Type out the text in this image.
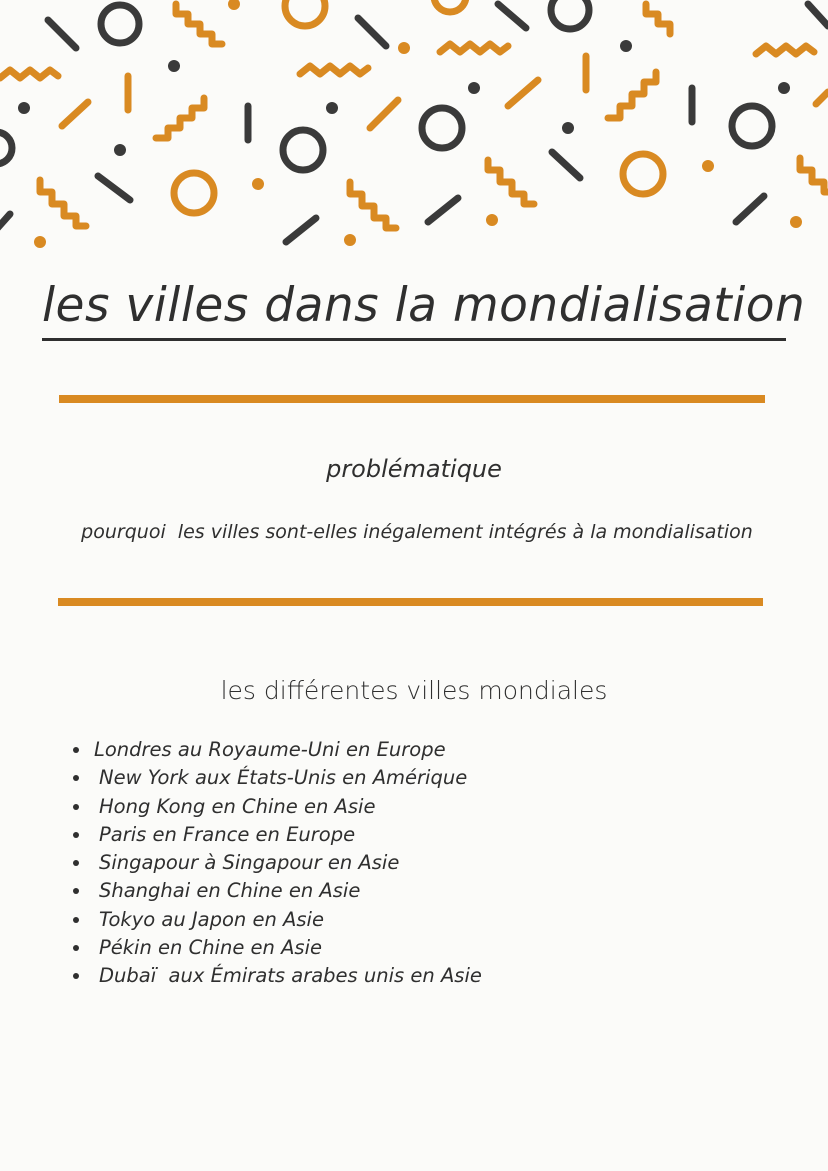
les villes dans la mondialisation
problématique

pourquoi  les villes sont-elles inégalement intégrés à la mondialisation

les différentes villes mondiales
Londres au Royaume-Uni en Europe
New York aux États-Unis en Amérique
Hong Kong en Chine en Asie
Paris en France en Europe
Singapour à Singapour en Asie
Shanghai en Chine en Asie
Tokyo au Japon en Asie
Pékin en Chine en Asie
Dubaï  aux Émirats arabes unis en Asie
